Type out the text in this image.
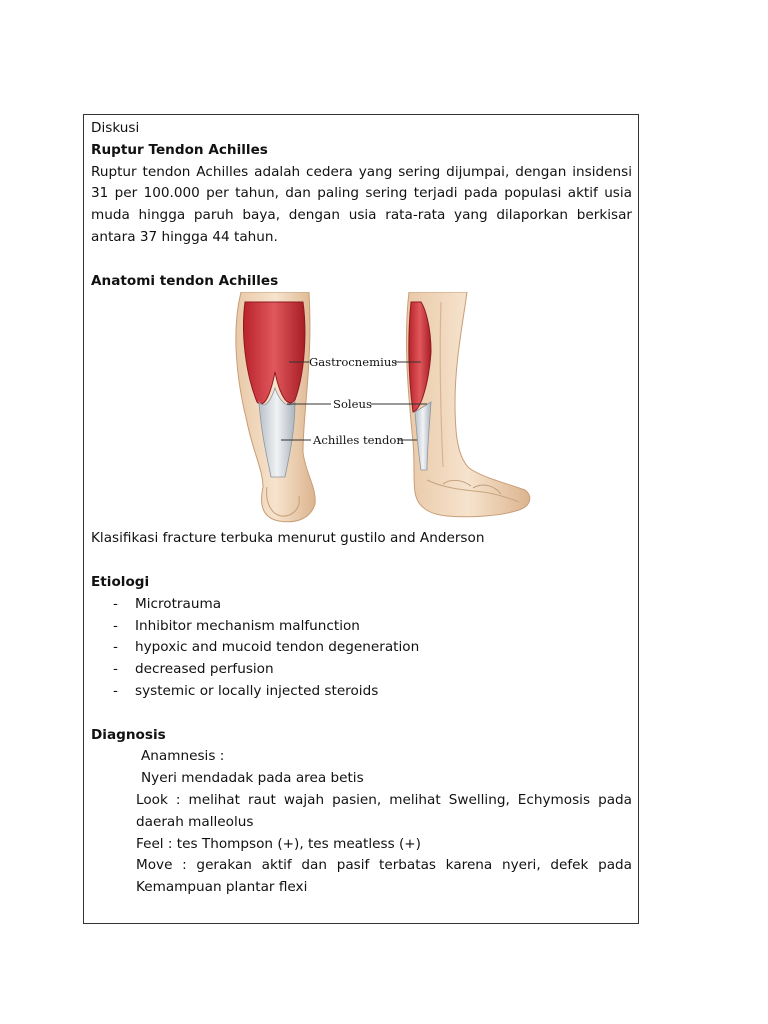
Diskusi

Ruptur Tendon Achilles

Ruptur tendon Achilles adalah cedera yang sering dijumpai, dengan insidensi 31 per 100.000 per tahun, dan paling sering terjadi pada populasi aktif usia muda hingga paruh baya, dengan usia rata-rata yang dilaporkan berkisar antara 37 hingga 44 tahun.

Anatomi tendon Achilles

Gastrocnemius
Soleus
Achilles tendon

Klasifikasi fracture terbuka menurut gustilo and Anderson

Etiologi

- Microtrauma
- Inhibitor mechanism malfunction
- hypoxic and mucoid tendon degeneration
- decreased perfusion
- systemic or locally injected steroids

Diagnosis

Anamnesis :

Nyeri mendadak pada area betis

Look : melihat raut wajah pasien, melihat Swelling, Echymosis pada daerah malleolus

Feel : tes Thompson (+), tes meatless (+)

Move : gerakan aktif dan pasif terbatas karena nyeri, defek pada Kemampuan plantar flexi
